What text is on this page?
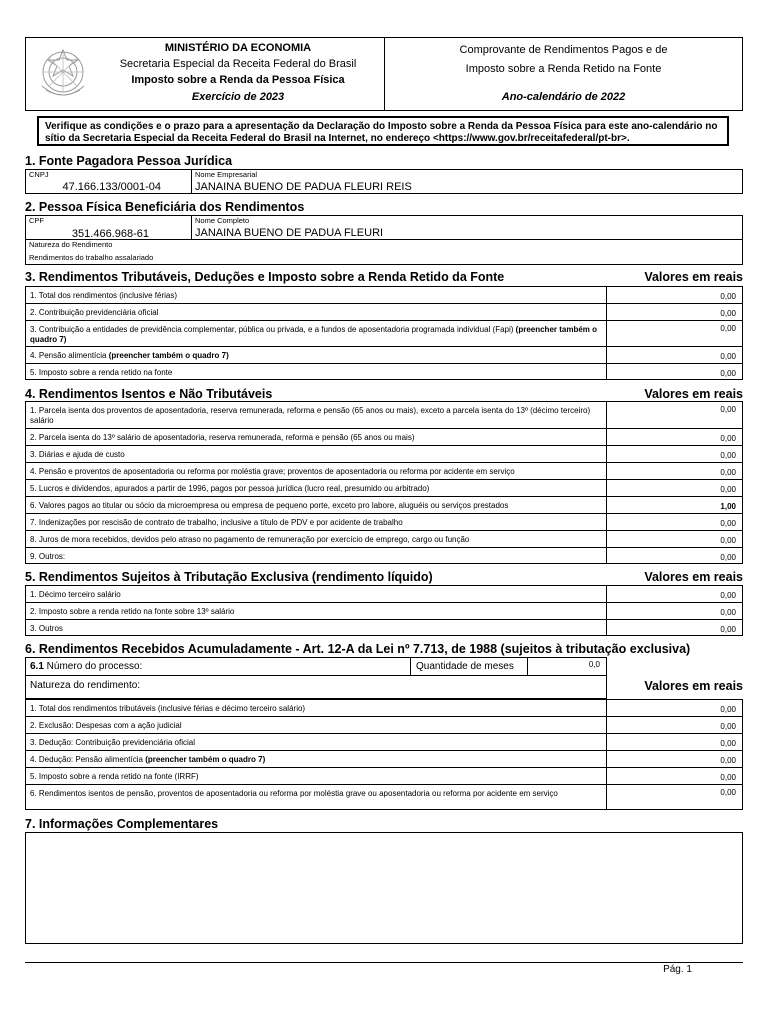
MINISTÉRIO DA ECONOMIA
Secretaria Especial da Receita Federal do Brasil
Imposto sobre a Renda da Pessoa Física
Exercício de 2023
Comprovante de Rendimentos Pagos e de
Imposto sobre a Renda Retido na Fonte
Ano-calendário de 2022
Verifique as condições e o prazo para a apresentação da Declaração do Imposto sobre a Renda da Pessoa Física para este ano-calendário no sítio da Secretaria Especial da Receita Federal do Brasil na Internet, no endereço <https://www.gov.br/receitafederal/pt-br>.
1. Fonte Pagadora Pessoa Jurídica
CNPJ
47.166.133/0001-04
Nome Empresarial
JANAINA BUENO DE PADUA FLEURI REIS
2. Pessoa Física Beneficiária dos Rendimentos
CPF
351.466.968-61
Nome Completo
JANAINA BUENO DE PADUA FLEURI
Natureza do Rendimento
Rendimentos do trabalho assalariado
3. Rendimentos Tributáveis, Deduções e Imposto sobre a Renda Retido da Fonte	Valores em reais
1. Total dos rendimentos (inclusive férias)	0,00
2. Contribuição previdenciária oficial	0,00
3. Contribuição a entidades de previdência complementar, pública ou privada, e a fundos de aposentadoria programada individual (Fapi) (preencher também o quadro 7)
0,00
4. Pensão alimentícia (preencher também o quadro 7)	0,00
5. Imposto sobre a renda retido na fonte	0,00
4. Rendimentos Isentos e Não Tributáveis	Valores em reais
1. Parcela isenta dos proventos de aposentadoria, reserva remunerada, reforma e pensão (65 anos ou mais), exceto a parcela isenta do 13º (décimo terceiro) salário
0,00
2. Parcela isenta do 13º salário de aposentadoria, reserva remunerada, reforma e pensão (65 anos ou mais)	0,00
3. Diárias e ajuda de custo	0,00
4. Pensão e proventos de aposentadoria ou reforma por moléstia grave; proventos de aposentadoria ou reforma por acidente em serviço	0,00
5. Lucros e dividendos, apurados a partir de 1996, pagos por pessoa jurídica (lucro real, presumido ou arbitrado)	0,00
6. Valores pagos ao titular ou sócio da microempresa ou empresa de pequeno porte, exceto pro labore, aluguéis ou serviços prestados	1,00
7. Indenizações por rescisão de contrato de trabalho, inclusive a título de PDV e por acidente de trabalho	0,00
8. Juros de mora recebidos, devidos pelo atraso no pagamento de remuneração por exercício de emprego, cargo ou função	0,00
9. Outros:	0,00
5. Rendimentos Sujeitos à Tributação Exclusiva (rendimento líquido)	Valores em reais
1. Décimo terceiro salário	0,00
2. Imposto sobre a renda retido na fonte sobre 13º salário	0,00
3. Outros	0,00
6. Rendimentos Recebidos Acumuladamente - Art. 12-A da Lei nº 7.713, de 1988 (sujeitos à tributação exclusiva)
6.1 Número do processo:	Quantidade de meses	0,0
Natureza do rendimento:	Valores em reais
1. Total dos rendimentos tributáveis (inclusive férias e décimo terceiro salário)	0,00
2. Exclusão: Despesas com a ação judicial	0,00
3. Dedução: Contribuição previdenciária oficial	0,00
4. Dedução: Pensão alimentícia (preencher também o quadro 7)	0,00
5. Imposto sobre a renda retido na fonte (IRRF)	0,00
6. Rendimentos isentos de pensão, proventos de aposentadoria ou reforma por moléstia grave ou aposentadoria ou reforma por acidente em serviço	0,00
7. Informações Complementares
Pág. 1
